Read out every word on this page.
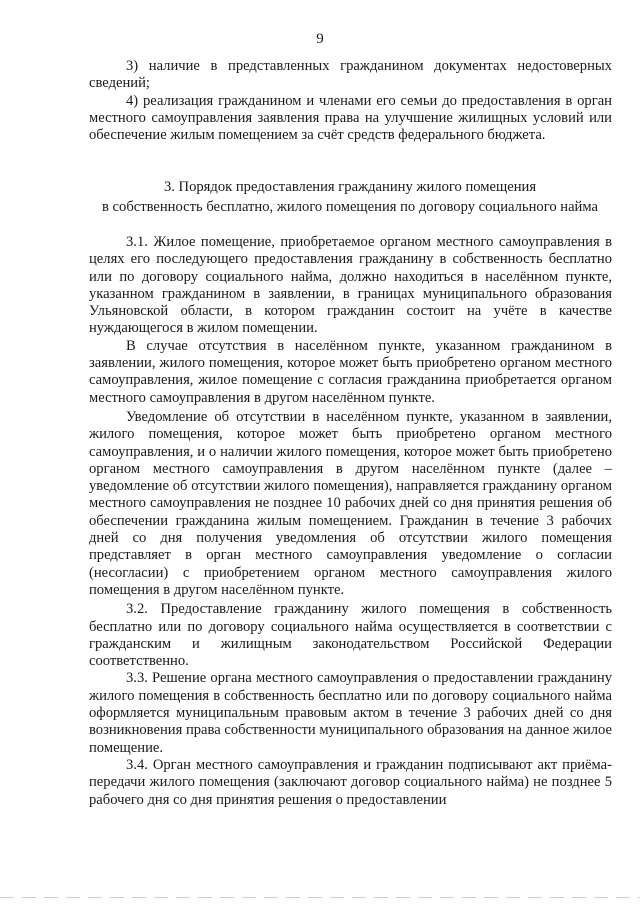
9

3) наличие в представленных гражданином документах недостоверных сведений;

4) реализация гражданином и членами его семьи до предоставления в орган местного самоуправления заявления права на улучшение жилищных условий или обеспечение жилым помещением за счёт средств федерального бюджета.

3. Порядок предоставления гражданину жилого помещения
в собственность бесплатно, жилого помещения по договору социального найма

3.1. Жилое помещение, приобретаемое органом местного самоуправления в целях его последующего предоставления гражданину в собственность бесплатно или по договору социального найма, должно находиться в населённом пункте, указанном гражданином в заявлении, в границах муниципального образования Ульяновской области, в котором гражданин состоит на учёте в качестве нуждающегося в жилом помещении.

В случае отсутствия в населённом пункте, указанном гражданином в заявлении, жилого помещения, которое может быть приобретено органом местного самоуправления, жилое помещение с согласия гражданина приобретается органом местного самоуправления в другом населённом пункте.

Уведомление об отсутствии в населённом пункте, указанном в заявлении, жилого помещения, которое может быть приобретено органом местного самоуправления, и о наличии жилого помещения, которое может быть приобретено органом местного самоуправления в другом населённом пункте (далее – уведомление об отсутствии жилого помещения), направляется гражданину органом местного самоуправления не позднее 10 рабочих дней со дня принятия решения об обеспечении гражданина жилым помещением. Гражданин в течение 3 рабочих дней со дня получения уведомления об отсутствии жилого помещения представляет в орган местного самоуправления уведомление о согласии (несогласии) с приобретением органом местного самоуправления жилого помещения в другом населённом пункте.

3.2. Предоставление гражданину жилого помещения в собственность бесплатно или по договору социального найма осуществляется в соответствии с гражданским и жилищным законодательством Российской Федерации соответственно.

3.3. Решение органа местного самоуправления о предоставлении гражданину жилого помещения в собственность бесплатно или по договору социального найма оформляется муниципальным правовым актом в течение 3 рабочих дней со дня возникновения права собственности муниципального образования на данное жилое помещение.

3.4. Орган местного самоуправления и гражданин подписывают акт приёма-передачи жилого помещения (заключают договор социального найма) не позднее 5 рабочего дня со дня принятия решения о предоставлении
